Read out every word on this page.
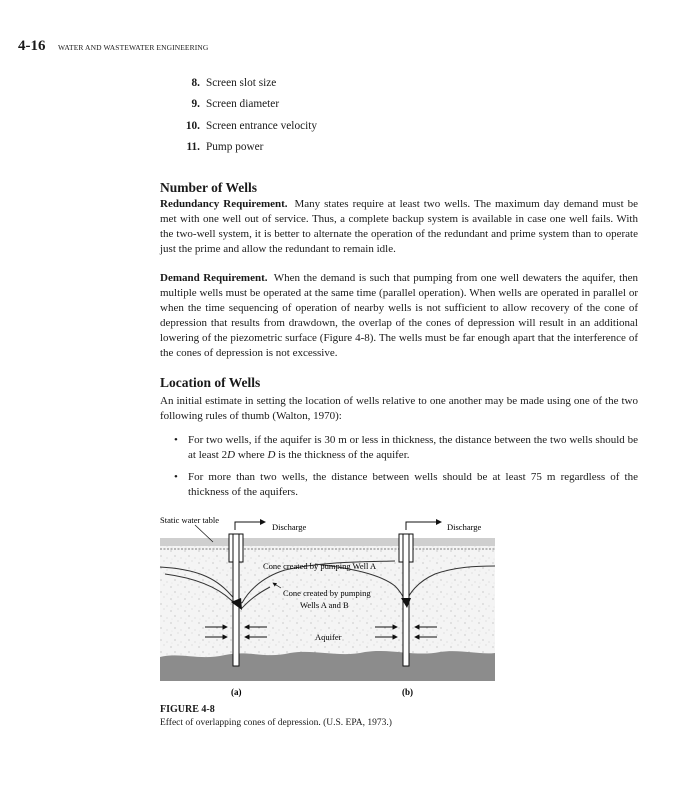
4-16 WATER AND WASTEWATER ENGINEERING
8. Screen slot size
9. Screen diameter
10. Screen entrance velocity
11. Pump power
Number of Wells

Redundancy Requirement. Many states require at least two wells. The maximum day demand must be met with one well out of service. Thus, a complete backup system is available in case one well fails. With the two-well system, it is better to alternate the operation of the redundant and prime system than to operate just the prime and allow the redundant to remain idle.

Demand Requirement. When the demand is such that pumping from one well dewaters the aquifer, then multiple wells must be operated at the same time (parallel operation). When wells are operated in parallel or when the time sequencing of operation of nearby wells is not sufficient to allow recovery of the cone of depression that results from drawdown, the overlap of the cones of depression will result in an additional lowering of the piezometric surface (Figure 4-8). The wells must be far enough apart that the interference of the cones of depression is not excessive.

Location of Wells

An initial estimate in setting the location of wells relative to one another may be made using one of the two following rules of thumb (Walton, 1970):

• For two wells, if the aquifer is 30 m or less in thickness, the distance between the two wells should be at least 2D where D is the thickness of the aquifer.
• For more than two wells, the distance between wells should be at least 75 m regardless of the thickness of the aquifers.
Static water table
Discharge	Discharge
Cone created by pumping Well A
Cone created by pumping
Wells A and B
Aquifer
(a)	(b)
FIGURE 4-8
Effect of overlapping cones of depression. (U.S. EPA, 1973.)
